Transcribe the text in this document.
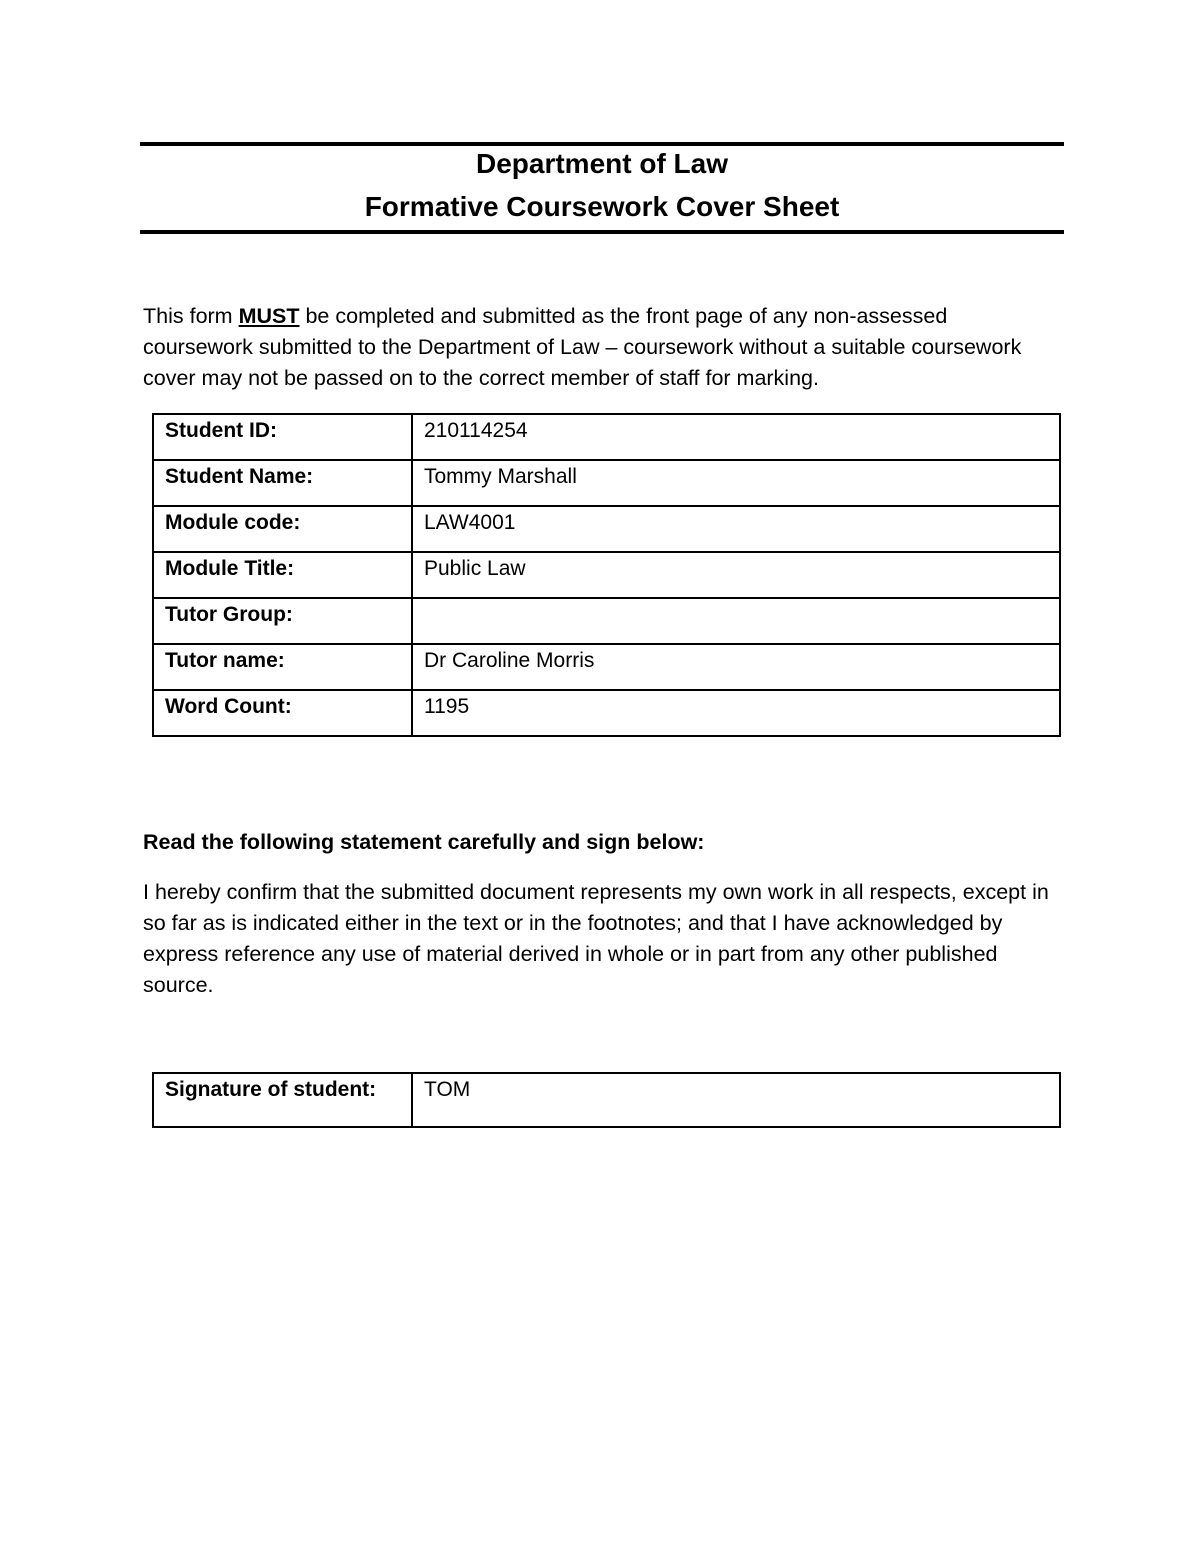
Department of Law
Formative Coursework Cover Sheet
This form MUST be completed and submitted as the front page of any non-assessed coursework submitted to the Department of Law – coursework without a suitable coursework cover may not be passed on to the correct member of staff for marking.
Student ID:	210114254
Student Name:	Tommy Marshall
Module code:	LAW4001
Module Title:	Public Law
Tutor Group:	
Tutor name:	Dr Caroline Morris
Word Count:	1195
Read the following statement carefully and sign below:
I hereby confirm that the submitted document represents my own work in all respects, except in so far as is indicated either in the text or in the footnotes; and that I have acknowledged by express reference any use of material derived in whole or in part from any other published source.
Signature of student:	TOM
